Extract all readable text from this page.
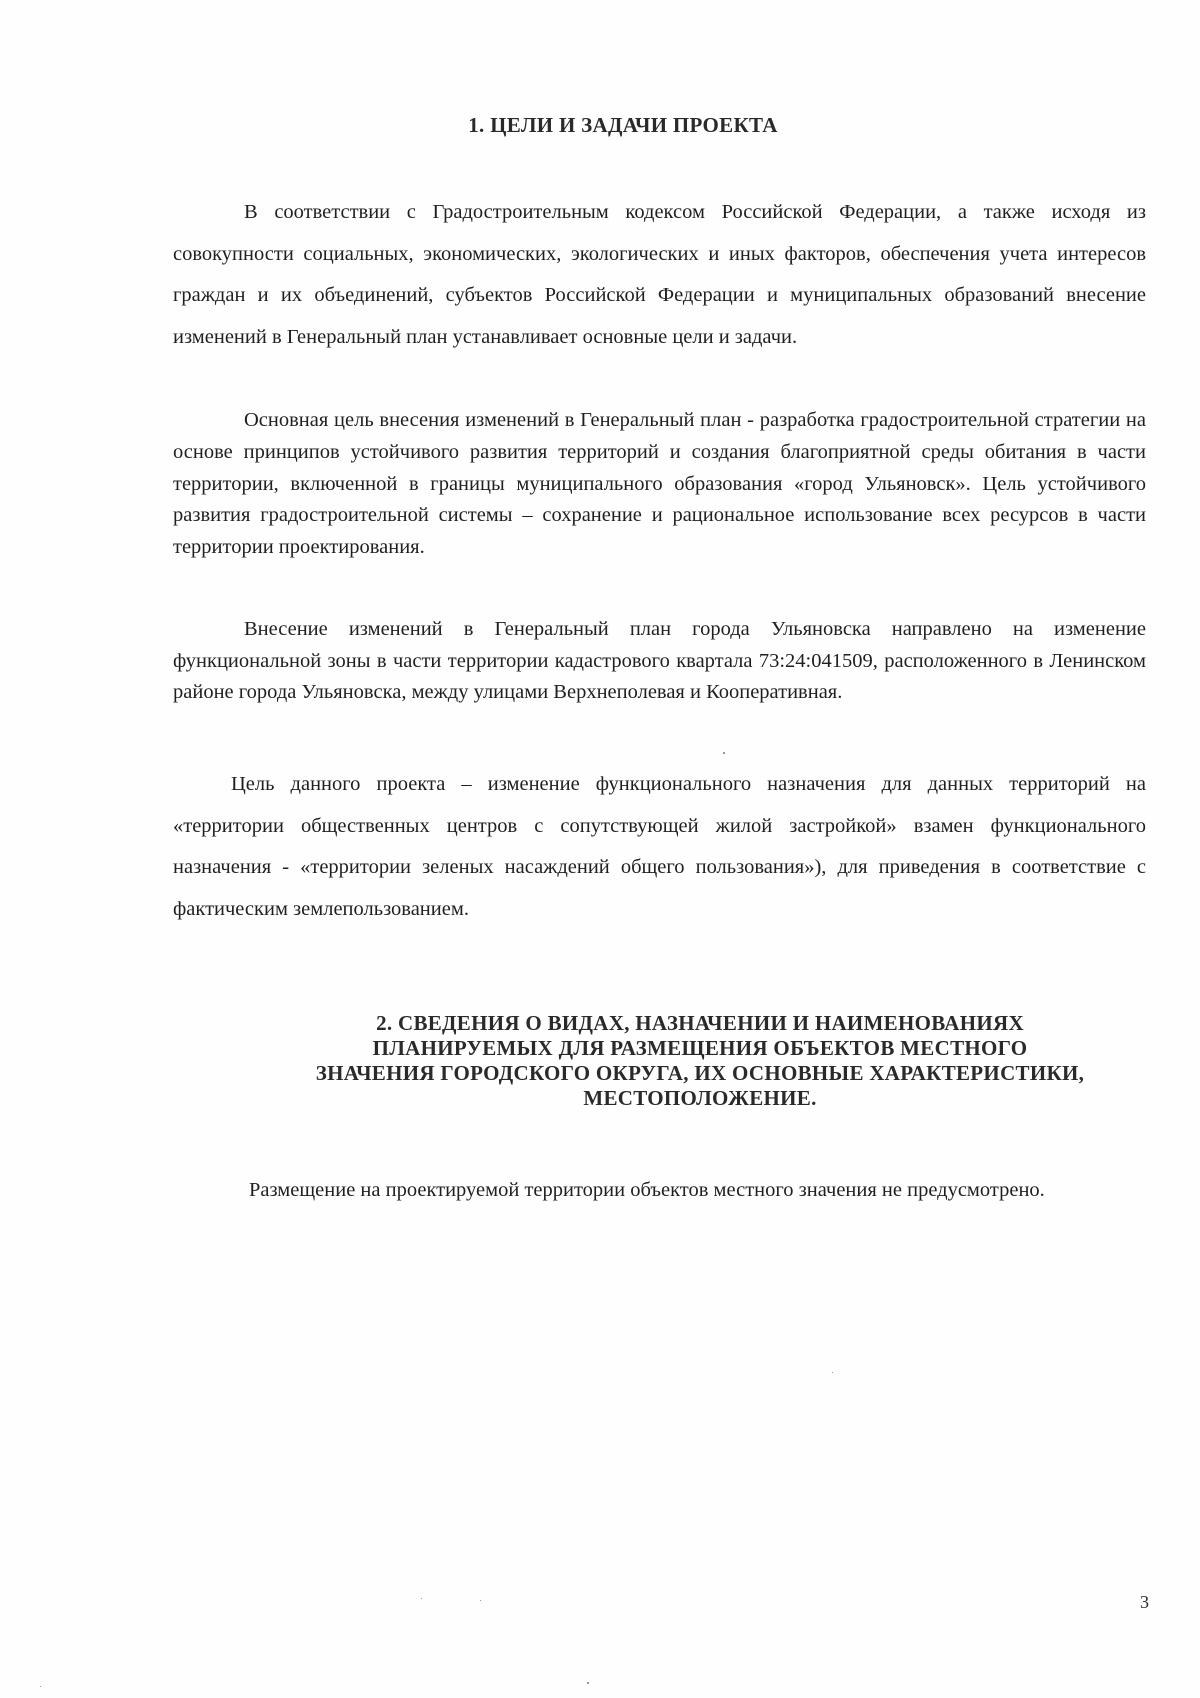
1. ЦЕЛИ И ЗАДАЧИ ПРОЕКТА
В соответствии с Градостроительным кодексом Российской Федерации, а также исходя из совокупности социальных, экономических, экологических и иных факторов, обеспечения учета интересов граждан и их объединений, субъектов Российской Федерации и муниципальных образований внесение изменений в Генеральный план устанавливает основные цели и задачи.
Основная цель внесения изменений в Генеральный план - разработка градостроительной стратегии на основе принципов устойчивого развития территорий и создания благоприятной среды обитания в части территории, включенной в границы муниципального образования «город Ульяновск». Цель устойчивого развития градостроительной системы – сохранение и рациональное использование всех ресурсов в части территории проектирования.
Внесение изменений в Генеральный план города Ульяновска направлено на изменение функциональной зоны в части территории кадастрового квартала 73:24:041509, расположенного в Ленинском районе города Ульяновска, между улицами Верхнеполевая и Кооперативная.
Цель данного проекта – изменение функционального назначения для данных территорий на «территории общественных центров с сопутствующей жилой застройкой» взамен функционального назначения - «территории зеленых насаждений общего пользования»), для приведения в соответствие с фактическим землепользованием.
2. СВЕДЕНИЯ О ВИДАХ, НАЗНАЧЕНИИ И НАИМЕНОВАНИЯХ
ПЛАНИРУЕМЫХ ДЛЯ РАЗМЕЩЕНИЯ ОБЪЕКТОВ МЕСТНОГО
ЗНАЧЕНИЯ ГОРОДСКОГО ОКРУГА, ИХ ОСНОВНЫЕ ХАРАКТЕРИСТИКИ,
МЕСТОПОЛОЖЕНИЕ.
Размещение на проектируемой территории объектов местного значения не предусмотрено.
3
